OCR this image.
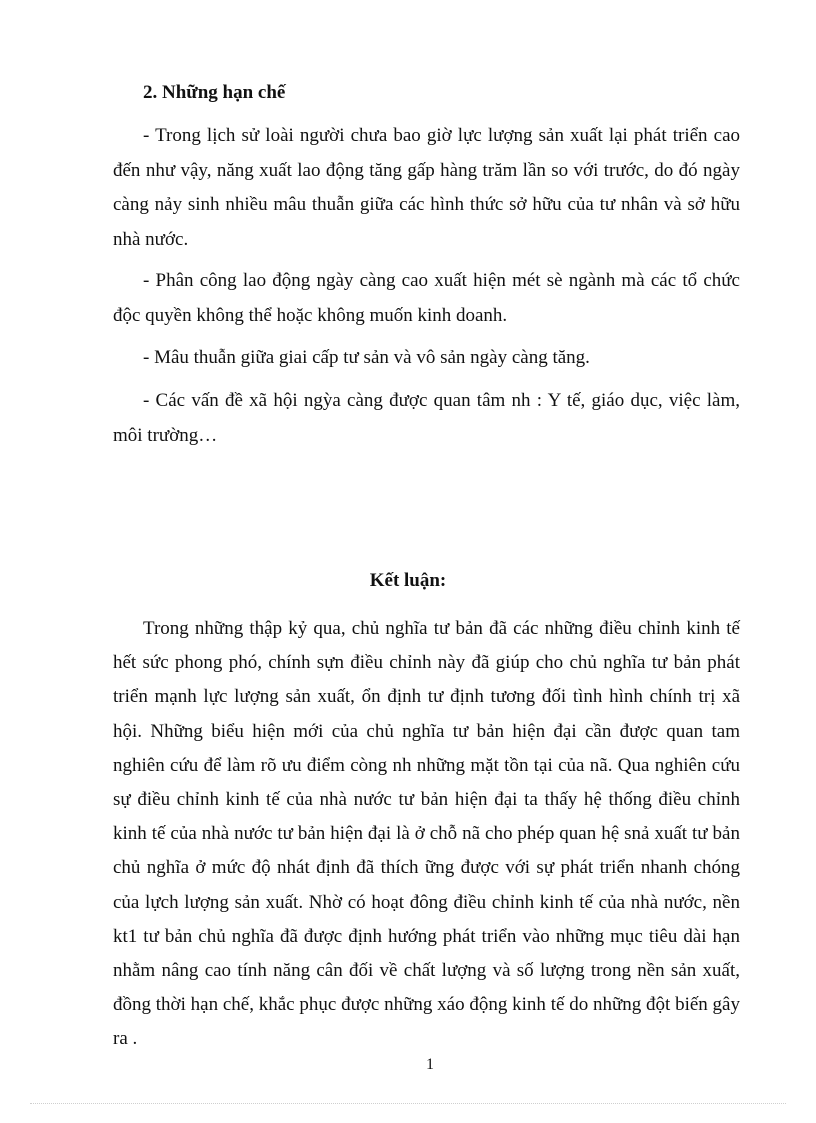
2. Những hạn chế

- Trong lịch sử loài người chưa bao giờ lực lượng sản xuất lại phát triển cao đến như vậy, năng xuất lao động tăng gấp hàng trăm lần so với trước, do đó ngày càng nảy sinh nhiều mâu thuẫn giữa các hình thức sở hữu của tư nhân và sở hữu nhà nước.

- Phân công lao động ngày càng cao xuất hiện mét sè ngành mà các tổ chức độc quyền không thể hoặc không muốn kinh doanh.

- Mâu thuẫn giữa giai cấp tư sản và vô sản ngày càng tăng.

- Các vấn đề xã hội ngỳa càng được quan tâm nh : Y tế, giáo dục, việc làm, môi trường…

Kết luận:

Trong những thập kỷ qua, chủ nghĩa tư bản đã các những điều chỉnh kinh tế hết sức phong phó, chính sựn điều chỉnh này đã giúp cho chủ nghĩa tư bản phát triển mạnh lực lượng sản xuất, ổn định tư định tương đối tình hình chính trị xã hội. Những biểu hiện mới của chủ nghĩa tư bản hiện đại cần được quan tam nghiên cứu để làm rõ ưu điểm còng nh những mặt tồn tại của nã. Qua nghiên cứu sự điều chỉnh kinh tế của nhà nước tư bản hiện đại ta thấy hệ thống điều chỉnh kinh tế của nhà nước tư bản hiện đại là ở chỗ nã cho phép quan hệ snả xuất tư bản chủ nghĩa ở mức độ nhát định đã thích ững được với sự phát triển nhanh chóng của lựch lượng sản xuất. Nhờ có hoạt đông điều chỉnh kinh tế của nhà nước, nền kt1 tư bản chủ nghĩa đã được định hướng phát triển vào những mục tiêu dài hạn nhằm nâng cao tính năng cân đối về chất lượng và số lượng trong nền sản xuất, đồng thời hạn chế, khắc phục được những xáo động kinh tế do những đột biến gây ra .

1
